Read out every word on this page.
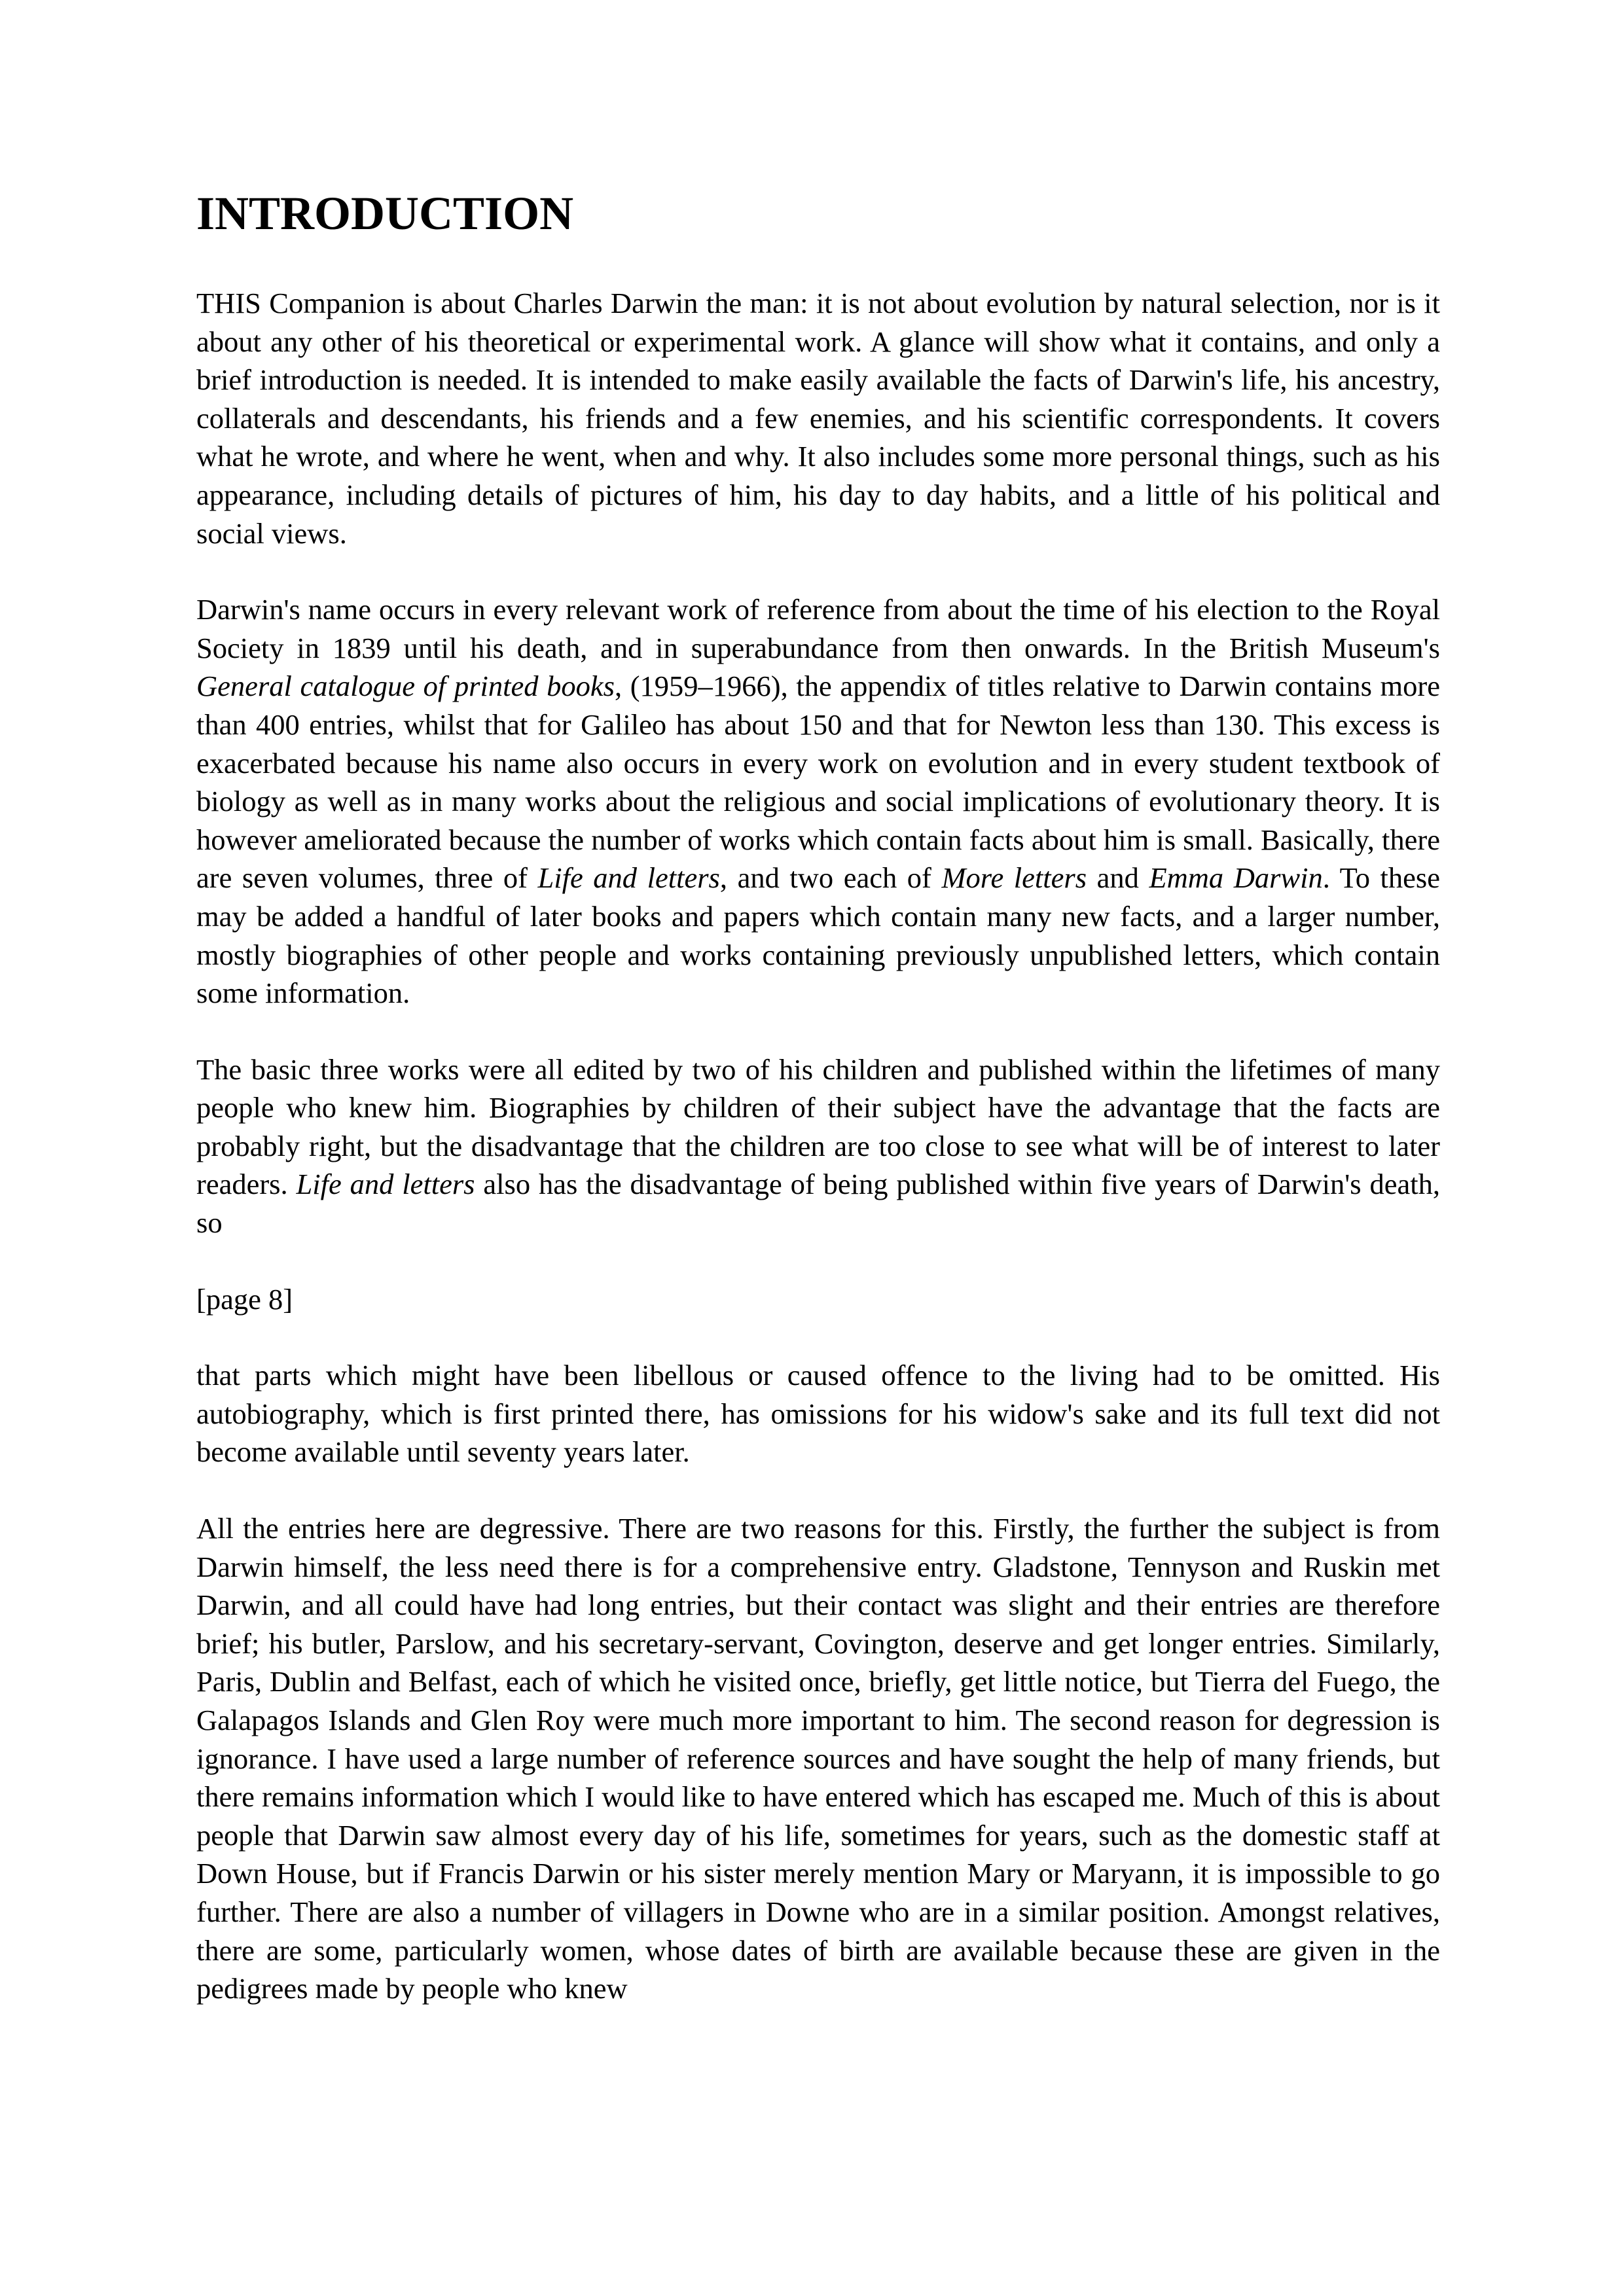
INTRODUCTION

THIS Companion is about Charles Darwin the man: it is not about evolution by natural selection, nor is it about any other of his theoretical or experimental work. A glance will show what it contains, and only a brief introduction is needed. It is intended to make easily available the facts of Darwin's life, his ancestry, collaterals and descendants, his friends and a few enemies, and his scientific correspondents. It covers what he wrote, and where he went, when and why. It also includes some more personal things, such as his appearance, including details of pictures of him, his day to day habits, and a little of his political and social views.

Darwin's name occurs in every relevant work of reference from about the time of his election to the Royal Society in 1839 until his death, and in superabundance from then onwards. In the British Museum's General catalogue of printed books, (1959–1966), the appendix of titles relative to Darwin contains more than 400 entries, whilst that for Galileo has about 150 and that for Newton less than 130. This excess is exacerbated because his name also occurs in every work on evolution and in every student textbook of biology as well as in many works about the religious and social implications of evolutionary theory. It is however ameliorated because the number of works which contain facts about him is small. Basically, there are seven volumes, three of Life and letters, and two each of More letters and Emma Darwin. To these may be added a handful of later books and papers which contain many new facts, and a larger number, mostly biographies of other people and works containing previously unpublished letters, which contain some information.

The basic three works were all edited by two of his children and published within the lifetimes of many people who knew him. Biographies by children of their subject have the advantage that the facts are probably right, but the disadvantage that the children are too close to see what will be of interest to later readers. Life and letters also has the disadvantage of being published within five years of Darwin's death, so

[page 8]

that parts which might have been libellous or caused offence to the living had to be omitted. His autobiography, which is first printed there, has omissions for his widow's sake and its full text did not become available until seventy years later.

All the entries here are degressive. There are two reasons for this. Firstly, the further the subject is from Darwin himself, the less need there is for a comprehensive entry. Gladstone, Tennyson and Ruskin met Darwin, and all could have had long entries, but their contact was slight and their entries are therefore brief; his butler, Parslow, and his secretary-servant, Covington, deserve and get longer entries. Similarly, Paris, Dublin and Belfast, each of which he visited once, briefly, get little notice, but Tierra del Fuego, the Galapagos Islands and Glen Roy were much more important to him. The second reason for degression is ignorance. I have used a large number of reference sources and have sought the help of many friends, but there remains information which I would like to have entered which has escaped me. Much of this is about people that Darwin saw almost every day of his life, sometimes for years, such as the domestic staff at Down House, but if Francis Darwin or his sister merely mention Mary or Maryann, it is impossible to go further. There are also a number of villagers in Downe who are in a similar position. Amongst relatives, there are some, particularly women, whose dates of birth are available because these are given in the pedigrees made by people who knew
